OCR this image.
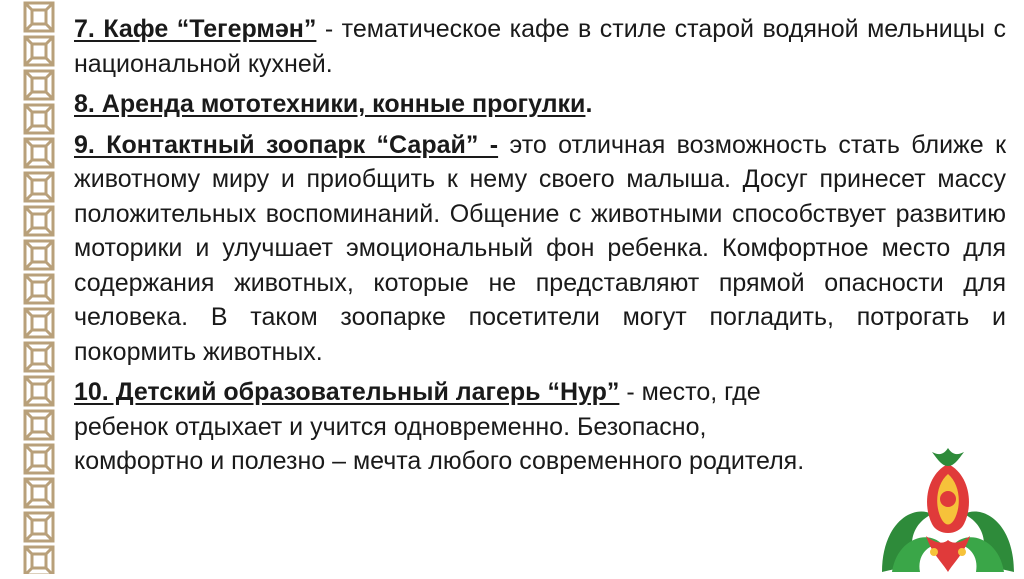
7. Кафе “Тегермән” - тематическое кафе в стиле старой водяной мельницы с национальной кухней.

8. Аренда мототехники, конные прогулки.

9. Контактный зоопарк “Сарай” - это отличная возможность стать ближе к животному миру и приобщить к нему своего малыша. Досуг принесет массу положительных воспоминаний. Общение с животными способствует развитию моторики и улучшает эмоциональный фон ребенка. Комфортное место для содержания животных, которые не представляют прямой опасности для человека. В таком зоопарке посетители могут погладить, потрогать и покормить животных.

10. Детский образовательный лагерь “Нур” - место, где
ребенок отдыхает и учится одновременно. Безопасно,
комфортно и полезно – мечта любого современного родителя.
